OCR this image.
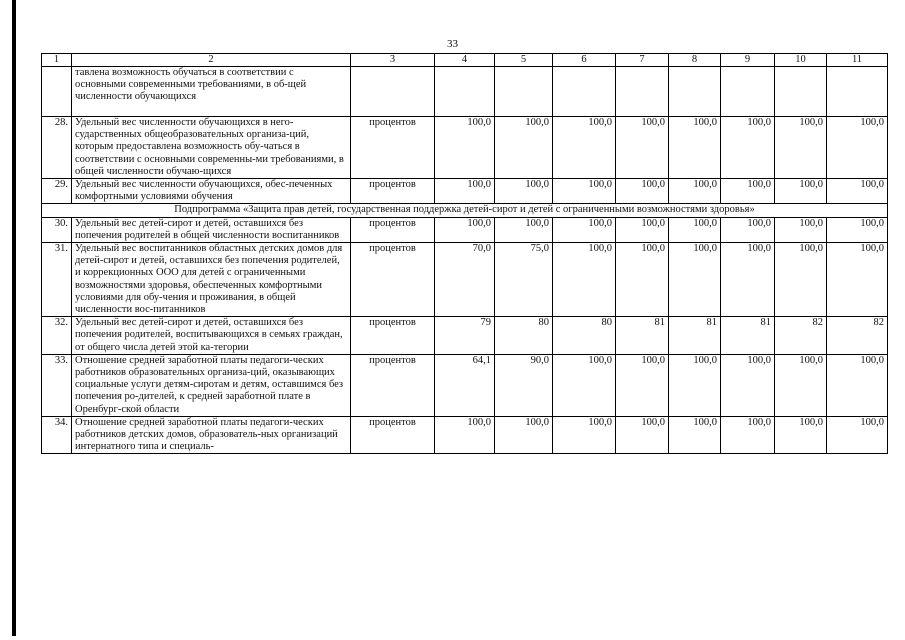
33
1	2	3	4	5	6	7	8	9	10	11
	тавлена возможность обучаться в соответствии с основными современными требованиями, в об-щей численности обучающихся									
28.	Удельный вес численности обучающихся в него-сударственных общеобразовательных организа-ций, которым предоставлена возможность обу-чаться в соответствии с основными современны-ми требованиями, в общей численности обучаю-щихся	процентов	100,0	100,0	100,0	100,0	100,0	100,0	100,0	100,0
29.	Удельный вес численности обучающихся, обес-печенных комфортными условиями обучения	процентов	100,0	100,0	100,0	100,0	100,0	100,0	100,0	100,0
Подпрограмма «Защита прав детей, государственная поддержка детей-сирот и детей с ограниченными возможностями здоровья»										
30.	Удельный вес детей-сирот и детей, оставшихся без попечения родителей в общей численности воспитанников	процентов	100,0	100,0	100,0	100,0	100,0	100,0	100,0	100,0
31.	Удельный вес воспитанников областных детских домов для детей-сирот и детей, оставшихся без попечения родителей, и коррекционных ООО для детей с ограниченными возможностями здоровья, обеспеченных комфортными условиями для обу-чения и проживания, в общей численности вос-питанников	процентов	70,0	75,0	100,0	100,0	100,0	100,0	100,0	100,0
32.	Удельный вес детей-сирот и детей, оставшихся без попечения родителей, воспитывающихся в семьях граждан, от общего числа детей этой ка-тегории	процентов	79	80	80	81	81	81	82	82
33.	Отношение средней заработной платы педагоги-ческих работников образовательных организа-ций, оказывающих социальные услуги детям-сиротам и детям, оставшимся без попечения ро-дителей, к средней заработной плате в Оренбург-ской области	процентов	64,1	90,0	100,0	100,0	100,0	100,0	100,0	100,0
34.	Отношение средней заработной платы педагоги-ческих работников детских домов, образователь-ных организаций интернатного типа и специаль-	процентов	100,0	100,0	100,0	100,0	100,0	100,0	100,0	100,0
